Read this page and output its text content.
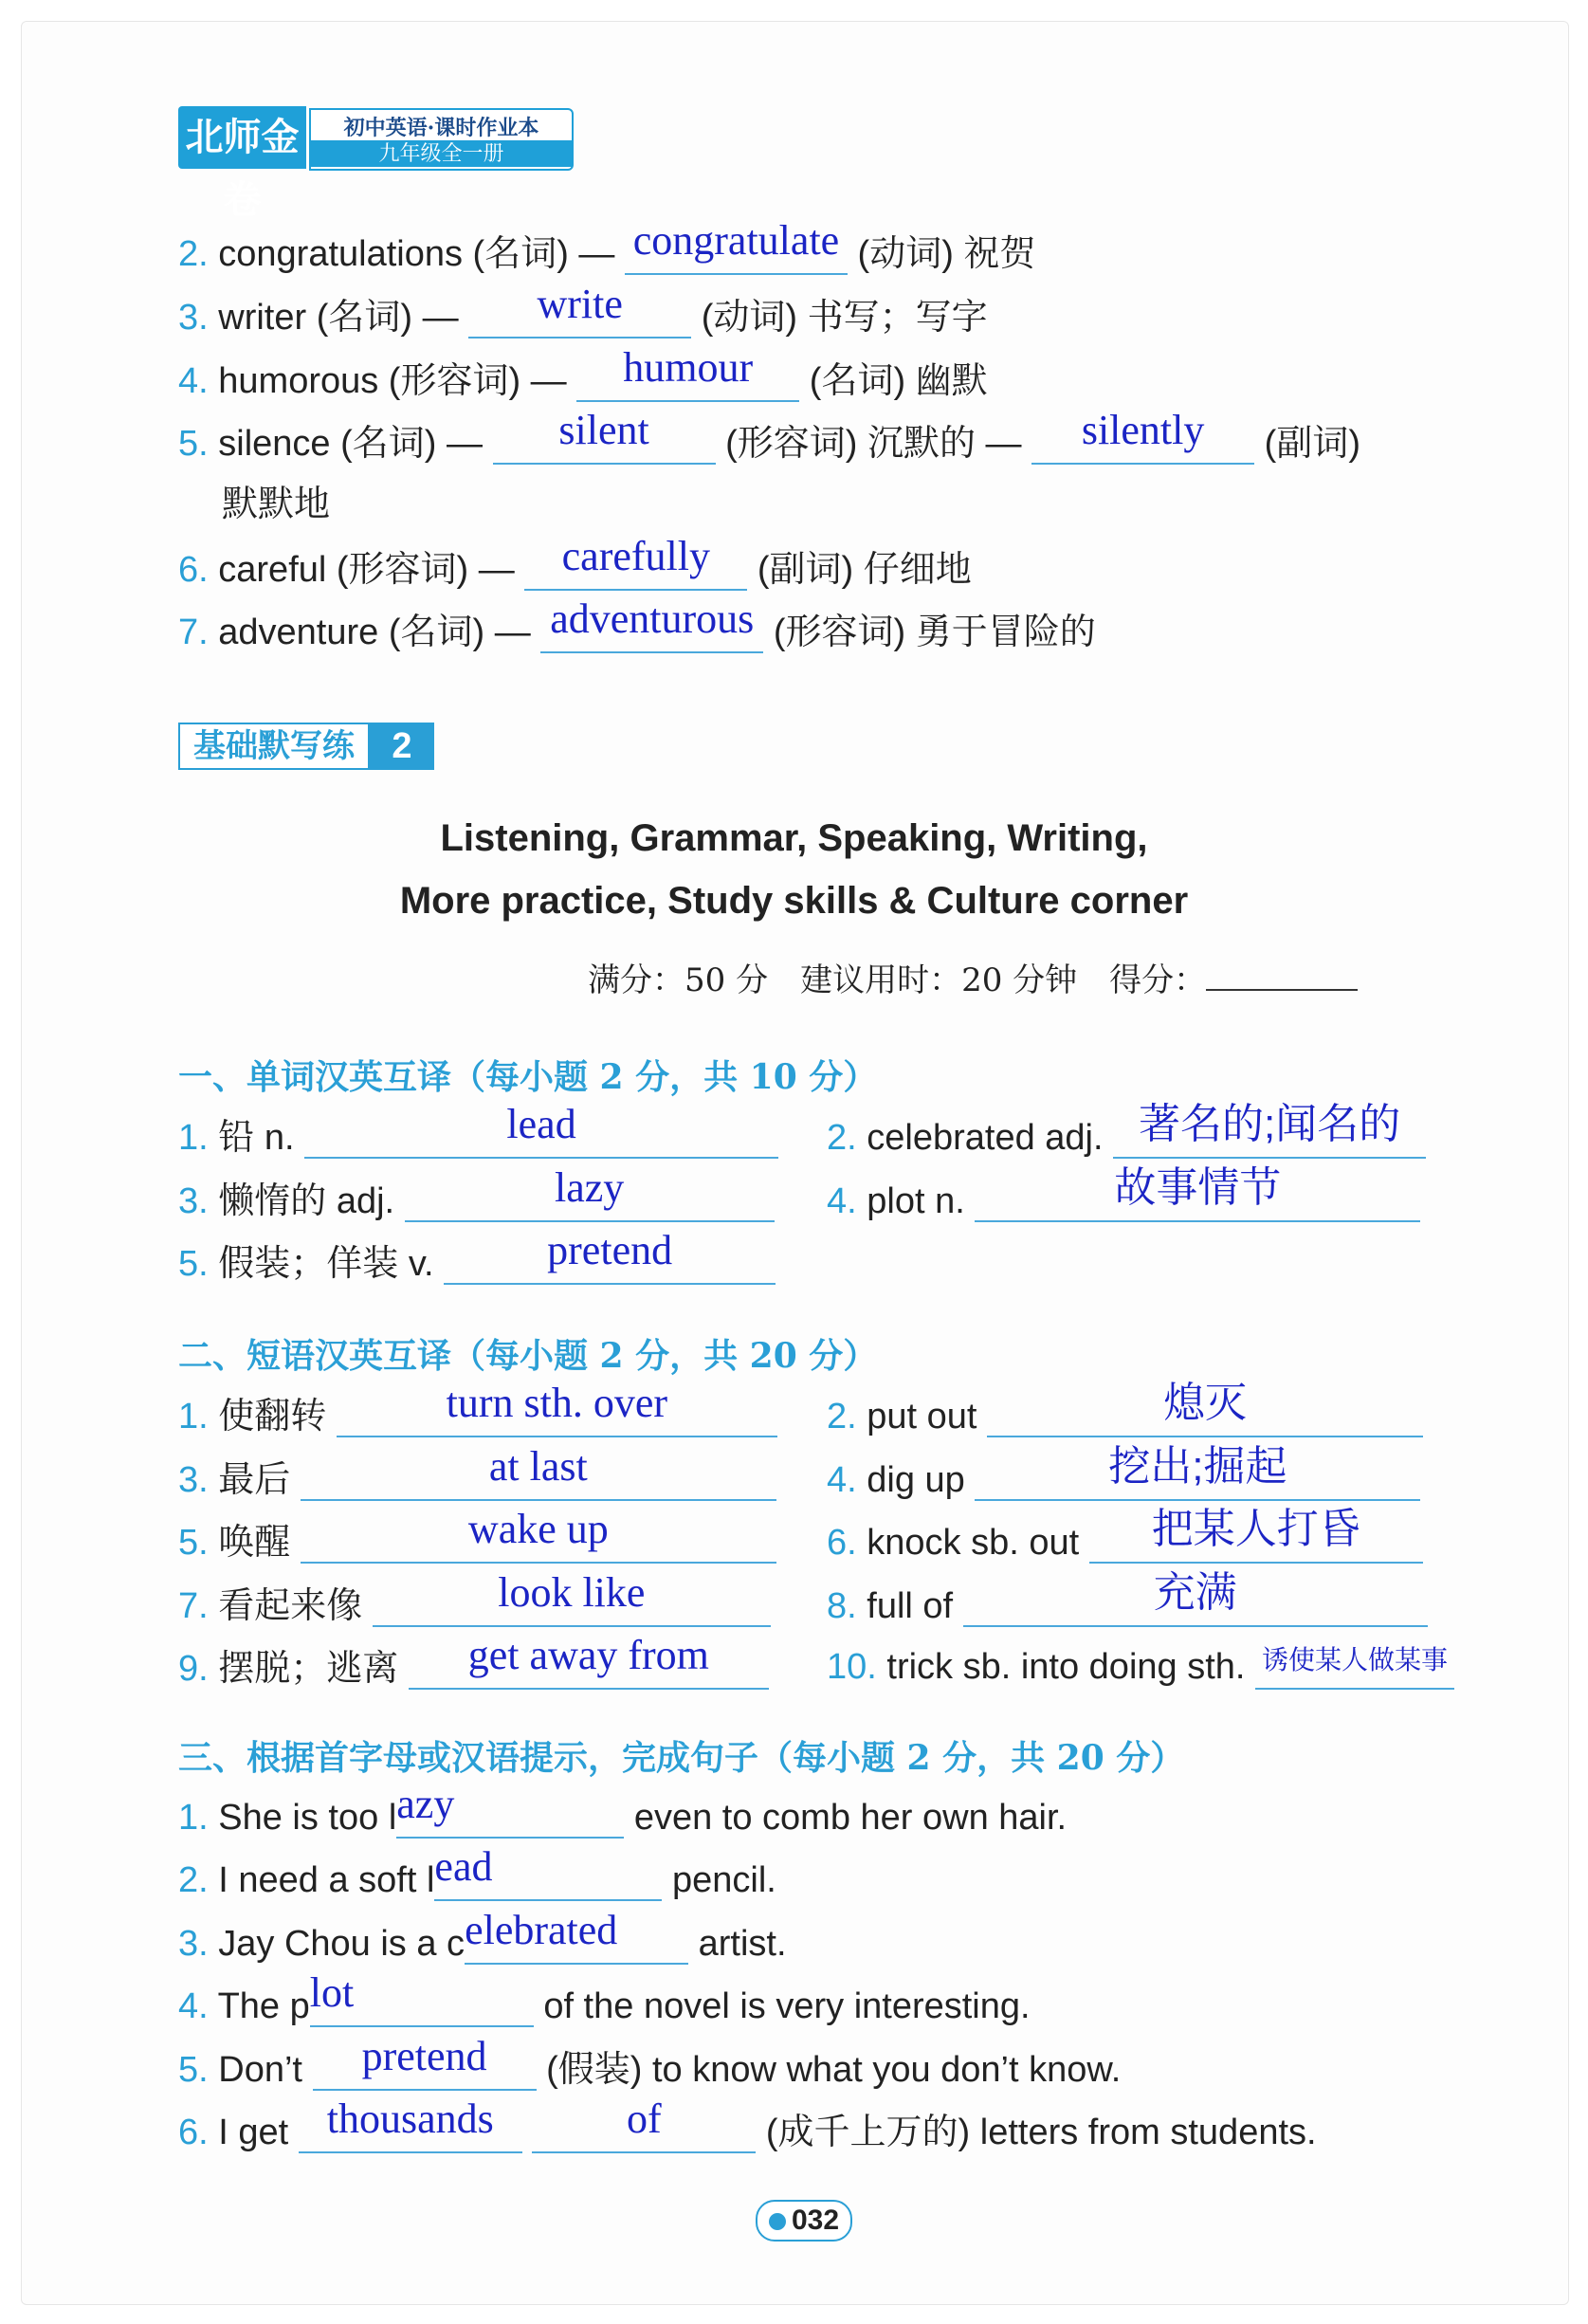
北师金卷
初中英语·课时作业本
九年级全一册
2. congratulations (名词) — congratulate (动词) 祝贺
3. writer (名词) — write (动词) 书写；写字
4. humorous (形容词) — humour (名词) 幽默
5. silence (名词) — silent (形容词) 沉默的 — silently (副词)
默默地
6. careful (形容词) — carefully (副词) 仔细地
7. adventure (名词) — adventurous (形容词) 勇于冒险的
基础默写练 2
Listening, Grammar, Speaking, Writing,
More practice, Study skills & Culture corner
满分：50 分　建议用时：20 分钟　得分：
一、单词汉英互译（每小题 2 分，共 10 分）
1. 铅 n.	lead	2. celebrated adj. 著名的;闻名的
3. 懒惰的 adj.	lazy	4. plot n.	故事情节
5. 假装；佯装 v.	pretend
二、短语汉英互译（每小题 2 分，共 20 分）
1. 使翻转	turn sth. over	2. put out	熄灭
3. 最后	at last	4. dig up	挖出;掘起
5. 唤醒	wake up	6. knock sb. out 把某人打昏
7. 看起来像	look like	8. full of	充满
9. 摆脱；逃离 get away from	10. trick sb. into doing sth. $^{诱使某人做某事}$
三、根据首字母或汉语提示，完成句子（每小题 2 分，共 20 分）
1. She is too lazy	even to comb her own hair.
2. I need a soft lead	pencil.
3. Jay Chou is a celebrated artist.
4. The plot	of the novel is very interesting.
5. Don’t pretend (假装) to know what you don’t know.
6. I get thousands	of	(成千上万的) letters from students.
032
